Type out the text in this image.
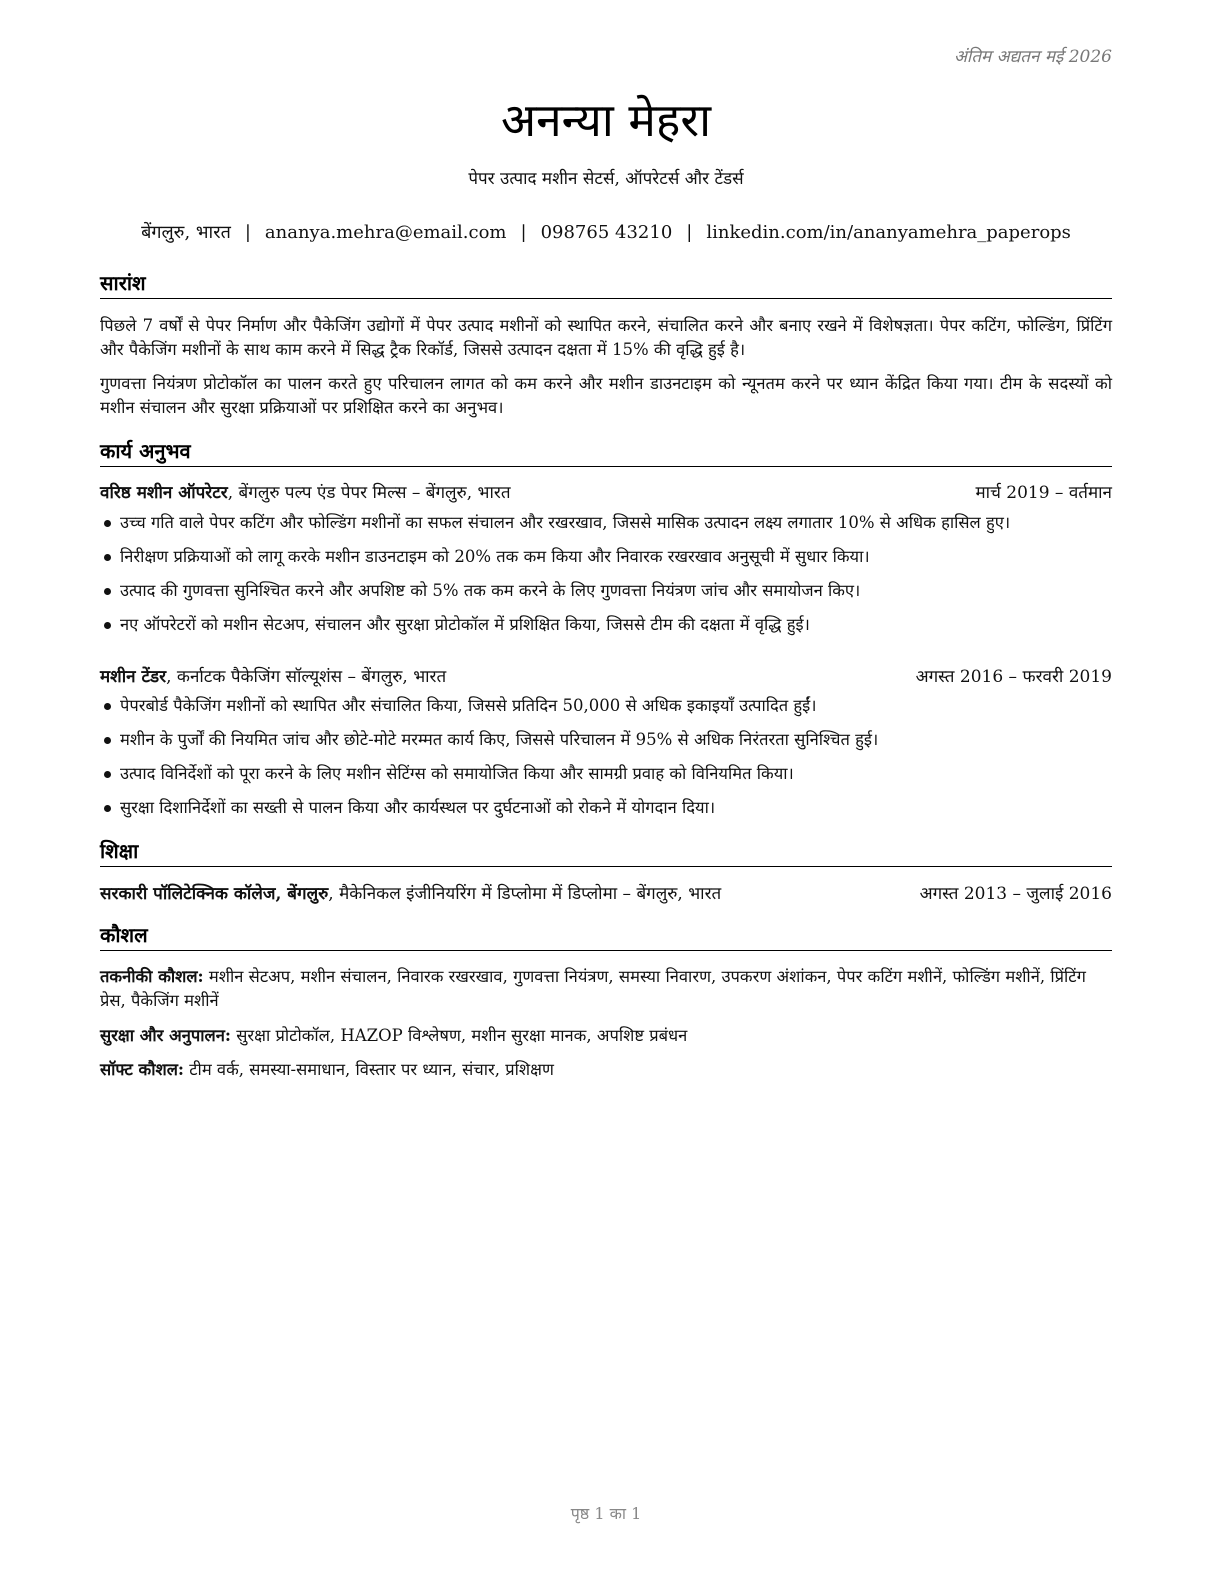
अंतिम अद्यतन मई 2026
अनन्या मेहरा
पेपर उत्पाद मशीन सेटर्स, ऑपरेटर्स और टेंडर्स
बेंगलुरु, भारत | ananya.mehra@email.com | 098765 43210 | linkedin.com/in/ananyamehra_paperops
सारांश

पिछले 7 वर्षों से पेपर निर्माण और पैकेजिंग उद्योगों में पेपर उत्पाद मशीनों को स्थापित करने, संचालित करने और बनाए रखने में विशेषज्ञता। पेपर कटिंग, फोल्डिंग, प्रिंटिंग और पैकेजिंग मशीनों के साथ काम करने में सिद्ध ट्रैक रिकॉर्ड, जिससे उत्पादन दक्षता में 15% की वृद्धि हुई है।

गुणवत्ता नियंत्रण प्रोटोकॉल का पालन करते हुए परिचालन लागत को कम करने और मशीन डाउनटाइम को न्यूनतम करने पर ध्यान केंद्रित किया गया। टीम के सदस्यों को मशीन संचालन और सुरक्षा प्रक्रियाओं पर प्रशिक्षित करने का अनुभव।

कार्य अनुभव
वरिष्ठ मशीन ऑपरेटर, बेंगलुरु पल्प एंड पेपर मिल्स – बेंगलुरु, भारत	मार्च 2019 – वर्तमान
उच्च गति वाले पेपर कटिंग और फोल्डिंग मशीनों का सफल संचालन और रखरखाव, जिससे मासिक उत्पादन लक्ष्य लगातार 10% से अधिक हासिल हुए।
निरीक्षण प्रक्रियाओं को लागू करके मशीन डाउनटाइम को 20% तक कम किया और निवारक रखरखाव अनुसूची में सुधार किया।
उत्पाद की गुणवत्ता सुनिश्चित करने और अपशिष्ट को 5% तक कम करने के लिए गुणवत्ता नियंत्रण जांच और समायोजन किए।
नए ऑपरेटरों को मशीन सेटअप, संचालन और सुरक्षा प्रोटोकॉल में प्रशिक्षित किया, जिससे टीम की दक्षता में वृद्धि हुई।
मशीन टेंडर, कर्नाटक पैकेजिंग सॉल्यूशंस – बेंगलुरु, भारत	अगस्त 2016 – फरवरी 2019
पेपरबोर्ड पैकेजिंग मशीनों को स्थापित और संचालित किया, जिससे प्रतिदिन 50,000 से अधिक इकाइयाँ उत्पादित हुईं।
मशीन के पुर्जों की नियमित जांच और छोटे-मोटे मरम्मत कार्य किए, जिससे परिचालन में 95% से अधिक निरंतरता सुनिश्चित हुई।
उत्पाद विनिर्देशों को पूरा करने के लिए मशीन सेटिंग्स को समायोजित किया और सामग्री प्रवाह को विनियमित किया।
सुरक्षा दिशानिर्देशों का सख्ती से पालन किया और कार्यस्थल पर दुर्घटनाओं को रोकने में योगदान दिया।
शिक्षा
सरकारी पॉलिटेक्निक कॉलेज, बेंगलुरु, मैकेनिकल इंजीनियरिंग में डिप्लोमा में डिप्लोमा – बेंगलुरु, भारत	अगस्त 2013 – जुलाई 2016
कौशल
तकनीकी कौशल: मशीन सेटअप, मशीन संचालन, निवारक रखरखाव, गुणवत्ता नियंत्रण, समस्या निवारण, उपकरण अंशांकन, पेपर कटिंग मशीनें, फोल्डिंग मशीनें, प्रिंटिंग प्रेस, पैकेजिंग मशीनें
सुरक्षा और अनुपालन: सुरक्षा प्रोटोकॉल, HAZOP विश्लेषण, मशीन सुरक्षा मानक, अपशिष्ट प्रबंधन
सॉफ्ट कौशल: टीम वर्क, समस्या-समाधान, विस्तार पर ध्यान, संचार, प्रशिक्षण
पृष्ठ 1 का 1
